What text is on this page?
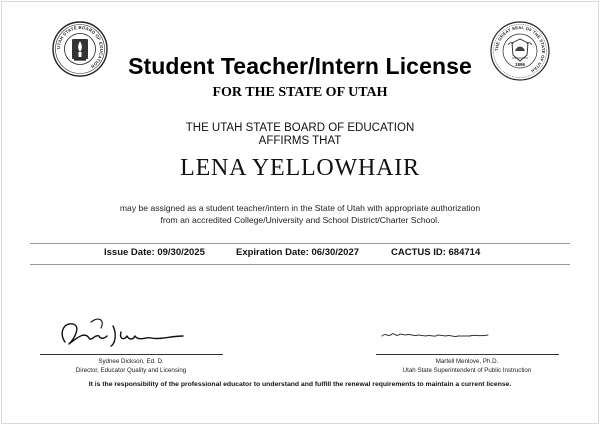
UTAH STATE BOARD OF EDUCATION
THE GREAT SEAL OF THE STATE OF UTAH
1896
Student Teacher/Intern License
FOR THE STATE OF UTAH
THE UTAH STATE BOARD OF EDUCATION
AFFIRMS THAT
LENA YELLOWHAIR
may be assigned as a student teacher/intern in the State of Utah with appropriate authorization
from an accredited College/University and School District/Charter School.
Issue Date: 09/30/2025	Expiration Date: 06/30/2027	CACTUS ID: 684714
Sydnee Dickson, Ed. D.
Director, Educator Quality and Licensing
Martell Menlove, Ph.D.
Utah State Superintendent of Public Instruction
It is the responsibility of the professional educator to understand and fulfill the renewal requirements to maintain a current license.
